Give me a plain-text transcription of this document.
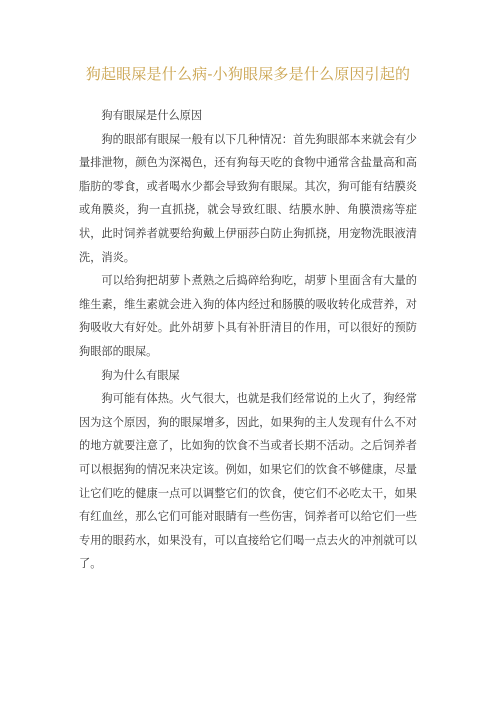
狗起眼屎是什么病-小狗眼屎多是什么原因引起的

狗有眼屎是什么原因

狗的眼部有眼屎一般有以下几种情况：首先狗眼部本来就会有少量排泄物，颜色为深褐色，还有狗每天吃的食物中通常含盐量高和高脂肪的零食，或者喝水少都会导致狗有眼屎。其次，狗可能有结膜炎或角膜炎，狗一直抓挠，就会导致红眼、结膜水肿、角膜溃疡等症状，此时饲养者就要给狗戴上伊丽莎白防止狗抓挠，用宠物洗眼液清洗，消炎。

可以给狗把胡萝卜煮熟之后捣碎给狗吃，胡萝卜里面含有大量的维生素，维生素就会进入狗的体内经过和肠膜的吸收转化成营养，对狗吸收大有好处。此外胡萝卜具有补肝清目的作用，可以很好的预防狗眼部的眼屎。

狗为什么有眼屎

狗可能有体热。火气很大，也就是我们经常说的上火了，狗经常因为这个原因，狗的眼屎增多，因此，如果狗的主人发现有什么不对的地方就要注意了，比如狗的饮食不当或者长期不活动。之后饲养者可以根据狗的情况来决定该。例如，如果它们的饮食不够健康，尽量让它们吃的健康一点可以调整它们的饮食，使它们不必吃太干，如果有红血丝，那么它们可能对眼睛有一些伤害，饲养者可以给它们一些专用的眼药水，如果没有，可以直接给它们喝一点去火的冲剂就可以了。
